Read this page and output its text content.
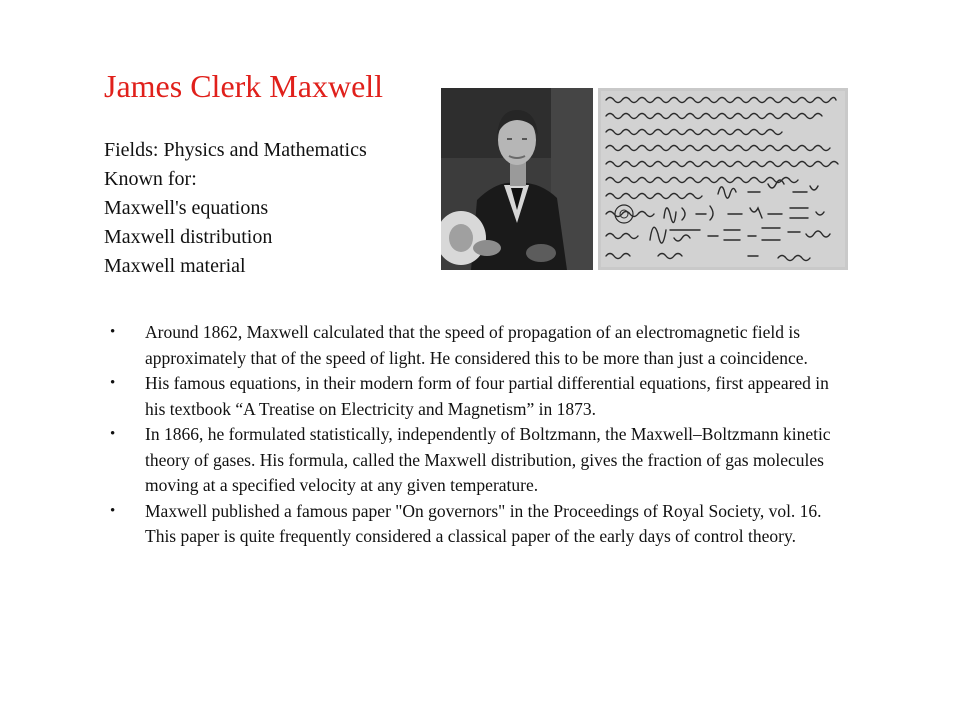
James Clerk Maxwell
Fields: Physics and Mathematics
Known for:
Maxwell's equations
Maxwell distribution
Maxwell material
• Around 1862, Maxwell calculated that the speed of propagation of an electromagnetic field is approximately that of the speed of light. He considered this to be more than just a coincidence.
• His famous equations, in their modern form of four partial differential equations, first appeared in his textbook “A Treatise on Electricity and Magnetism” in 1873.
• In 1866, he formulated statistically, independently of Boltzmann, the Maxwell–Boltzmann kinetic theory of gases. His formula, called the Maxwell distribution, gives the fraction of gas molecules moving at a specified velocity at any given temperature.
• Maxwell published a famous paper "On governors" in the Proceedings of Royal Society, vol. 16. This paper is quite frequently considered a classical paper of the early days of control theory.
